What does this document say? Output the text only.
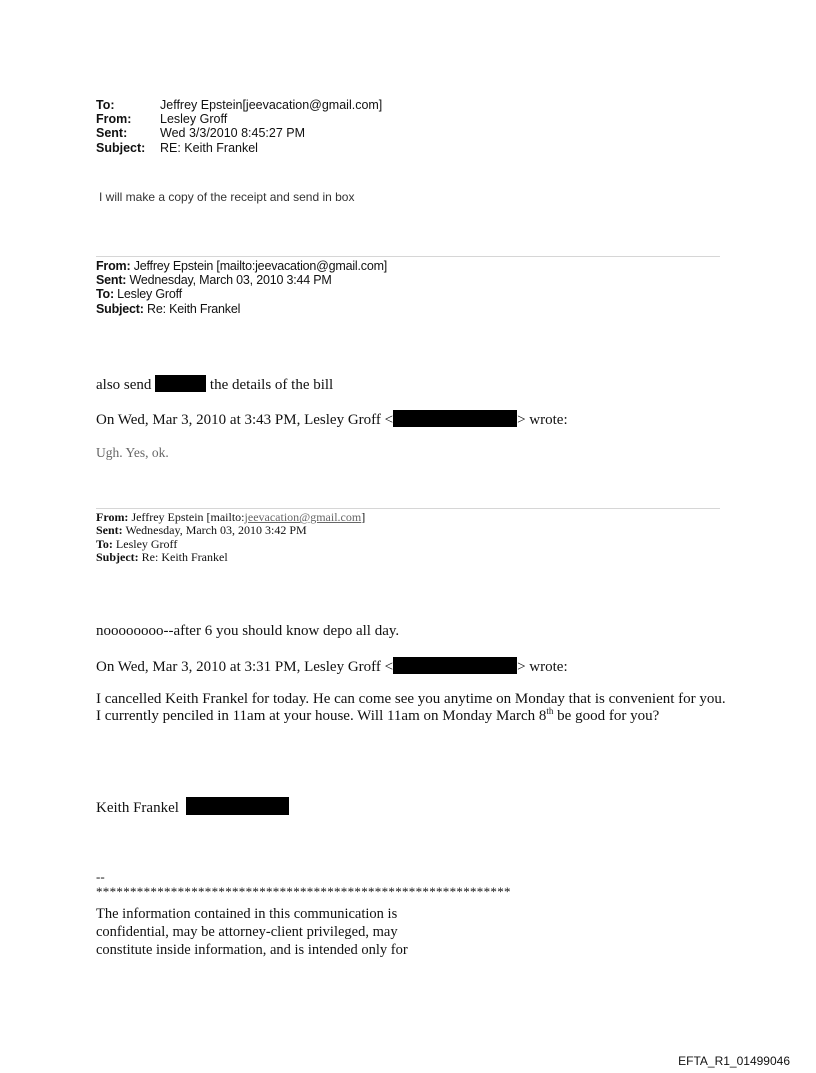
To:	Jeffrey Epstein[jeevacation@gmail.com]
From:	Lesley Groff
Sent:	Wed 3/3/2010 8:45:27 PM
Subject:	RE: Keith Frankel
I will make a copy of the receipt and send in box
From: Jeffrey Epstein [mailto:jeevacation@gmail.com]
Sent: Wednesday, March 03, 2010 3:44 PM
To: Lesley Groff
Subject: Re: Keith Frankel
also send	the details of the bill
On Wed, Mar 3, 2010 at 3:43 PM, Lesley Groff <	> wrote:
Ugh. Yes, ok.
From: Jeffrey Epstein [mailto:jeevacation@gmail.com]
Sent: Wednesday, March 03, 2010 3:42 PM
To: Lesley Groff
Subject: Re: Keith Frankel
noooooooo--after 6 you should know depo all day.
On Wed, Mar 3, 2010 at 3:31 PM, Lesley Groff <	> wrote:
I cancelled Keith Frankel for today. He can come see you anytime on Monday that is convenient for you. I currently penciled in 11am at your house. Will 11am on Monday March 8th be good for you?
Keith Frankel
--
*************************************************************
The information contained in this communication is
confidential, may be attorney-client privileged, may
constitute inside information, and is intended only for
EFTA_R1_01499046
